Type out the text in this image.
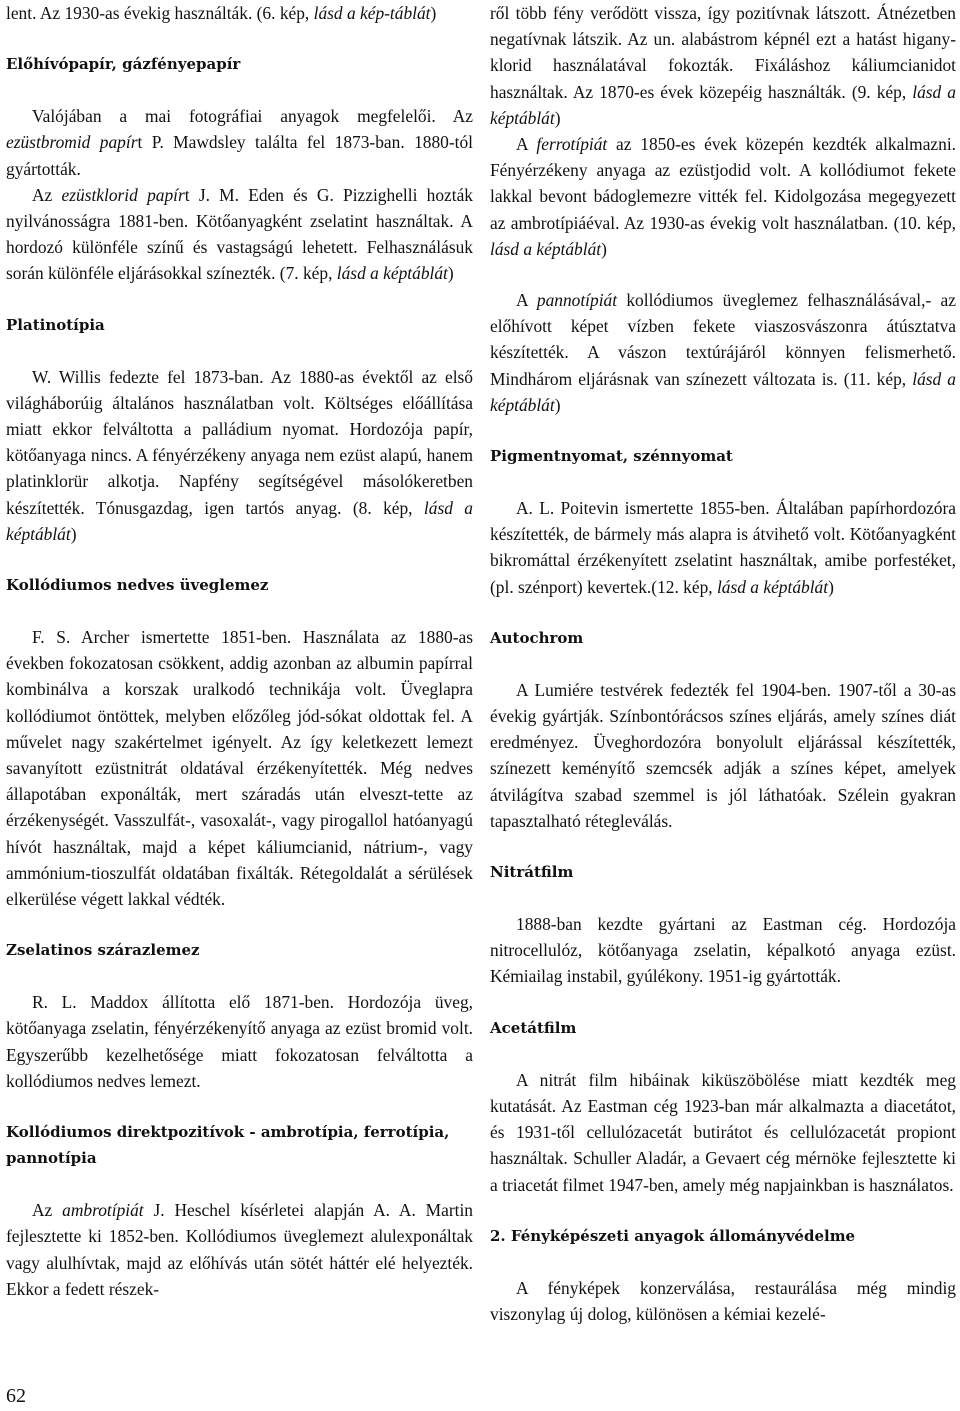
lent. Az 1930-as évekig használták. (6. kép, lásd a kép-táblát)

Előhívópapír, gázfényepapír

Valójában a mai fotográfiai anyagok megfelelői. Az ezüstbromid papírt P. Mawdsley találta fel 1873-ban. 1880-tól gyártották.

Az ezüstklorid papírt J. M. Eden és G. Pizzighelli hozták nyilvánosságra 1881-ben. Kötőanyagként zselatint használtak. A hordozó különféle színű és vastagságú lehetett. Felhasználásuk során különféle eljárásokkal színezték. (7. kép, lásd a képtáblát)

Platinotípia

W. Willis fedezte fel 1873-ban. Az 1880-as évektől az első világháborúig általános használatban volt. Költséges előállítása miatt ekkor felváltotta a palládium nyomat. Hordozója papír, kötőanyaga nincs. A fényérzékeny anyaga nem ezüst alapú, hanem platinklorür alkotja. Napfény segítségével másolókeretben készítették. Tónusgazdag, igen tartós anyag. (8. kép, lásd a képtáblát)

Kollódiumos nedves üveglemez

F. S. Archer ismertette 1851-ben. Használata az 1880-as években fokozatosan csökkent, addig azonban az albumin papírral kombinálva a korszak uralkodó technikája volt. Üveglapra kollódiumot öntöttek, melyben előzőleg jód-sókat oldottak fel. A művelet nagy szakértelmet igényelt. Az így keletkezett lemezt savanyított ezüstnitrát oldatával érzékenyítették. Még nedves állapotában exponálták, mert száradás után elveszt-tette az érzékenységét. Vasszulfát-, vasoxalát-, vagy pirogallol hatóanyagú hívót használtak, majd a képet káliumcianid, nátrium-, vagy ammónium-tioszulfát oldatában fixálták. Rétegoldalát a sérülések elkerülése végett lakkal védték.

Zselatinos szárazlemez

R. L. Maddox állította elő 1871-ben. Hordozója üveg, kötőanyaga zselatin, fényérzékenyítő anyaga az ezüst bromid volt. Egyszerűbb kezelhetősége miatt fokozatosan felváltotta a kollódiumos nedves lemezt.

Kollódiumos direktpozitívok - ambrotípia, ferrotípia, pannotípia

Az ambrotípiát J. Heschel kísérletei alapján A. A. Martin fejlesztette ki 1852-ben. Kollódiumos üveglemezt alulexponáltak vagy alulhívtak, majd az előhívás után sötét háttér elé helyezték. Ekkor a fedett részek-

ről több fény verődött vissza, így pozitívnak látszott. Átnézetben negatívnak látszik. Az un. alabástrom képnél ezt a hatást higany-klorid használatával fokozták. Fixáláshoz káliumcianidot használtak. Az 1870-es évek közepéig használták. (9. kép, lásd a képtáblát)

A ferrotípiát az 1850-es évek közepén kezdték alkalmazni. Fényérzékeny anyaga az ezüstjodid volt. A kollódiumot fekete lakkal bevont bádoglemezre vitték fel. Kidolgozása megegyezett az ambrotípiáéval. Az 1930-as évekig volt használatban. (10. kép, lásd a képtáblát)

A pannotípiát kollódiumos üveglemez felhasználásával,- az előhívott képet vízben fekete viaszosvászonra átúsztatva készítették. A vászon textúrájáról könnyen felismerhető. Mindhárom eljárásnak van színezett változata is. (11. kép, lásd a képtáblát)

Pigmentnyomat, szénnyomat

A. L. Poitevin ismertette 1855-ben. Általában papírhordozóra készítették, de bármely más alapra is átvihető volt. Kötőanyagként bikromáttal érzékenyített zselatint használtak, amibe porfestéket, (pl. szénport) kevertek.(12. kép, lásd a képtáblát)

Autochrom

A Lumiére testvérek fedezték fel 1904-ben. 1907-től a 30-as évekig gyártják. Színbontórácsos színes eljárás, amely színes diát eredményez. Üveghordozóra bonyolult eljárással készítették, színezett keményítő szemcsék adják a színes képet, amelyek átvilágítva szabad szemmel is jól láthatóak. Szélein gyakran tapasztalható rétegleválás.

Nitrátfilm

1888-ban kezdte gyártani az Eastman cég. Hordozója nitrocellulóz, kötőanyaga zselatin, képalkotó anyaga ezüst. Kémiailag instabil, gyúlékony. 1951-ig gyártották.

Acetátfilm

A nitrát film hibáinak kiküszöbölése miatt kezdték meg kutatását. Az Eastman cég 1923-ban már alkalmazta a diacetátot, és 1931-től cellulózacetát butirátot és cellulózacetát propiont használtak. Schuller Aladár, a Gevaert cég mérnöke fejlesztette ki a triacetát filmet 1947-ben, amely még napjainkban is használatos.

2. Fényképészeti anyagok állományvédelme

A fényképek konzerválása, restaurálása még mindig viszonylag új dolog, különösen a kémiai kezelé-

62
